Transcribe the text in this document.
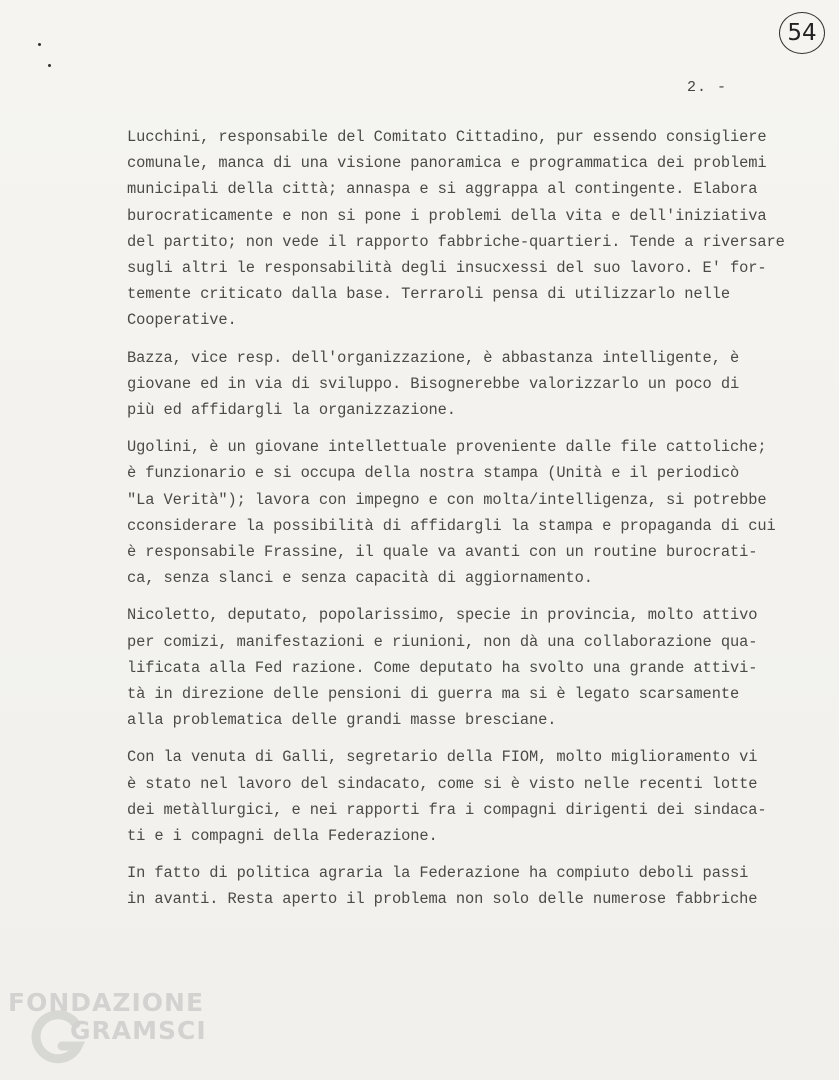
54
2. -
Lucchini, responsabile del Comitato Cittadino, pur essendo consigliere
comunale, manca di una visione panoramica e programmatica dei problemi
municipali della città; annaspa e si aggrappa al contingente. Elabora
burocraticamente e non si pone i problemi della vita e dell'iniziativa
del partito; non vede il rapporto fabbriche-quartieri. Tende a riversare
sugli altri le responsabilità degli insucxessi del suo lavoro. E' for-
temente criticato dalla base. Terraroli pensa di utilizzarlo nelle
Cooperative.
Bazza, vice resp. dell'organizzazione, è abbastanza intelligente, è
giovane ed in via di sviluppo. Bisognerebbe valorizzarlo un poco di
più ed affidargli la organizzazione.
Ugolini, è un giovane intellettuale proveniente dalle file cattoliche;
è funzionario e si occupa della nostra stampa (Unità e il periodicò
"La Verità"); lavora con impegno e con molta/intelligenza, si potrebbe
cconsiderare la possibilità di affidargli la stampa e propaganda di cui
è responsabile Frassine, il quale va avanti con un routine burocrati-
ca, senza slanci e senza capacità di aggiornamento.
Nicoletto, deputato, popolarissimo, specie in provincia, molto attivo
per comizi, manifestazioni e riunioni, non dà una collaborazione qua-
lificata alla Fed razione. Come deputato ha svolto una grande attivi-
tà in direzione delle pensioni di guerra ma si è legato scarsamente
alla problematica delle grandi masse bresciane.
Con la venuta di Galli, segretario della FIOM, molto miglioramento vi
è stato nel lavoro del sindacato, come si è visto nelle recenti lotte
dei metàllurgici, e nei rapporti fra i compagni dirigenti dei sindaca-
ti e i compagni della Federazione.
In fatto di politica agraria la Federazione ha compiuto deboli passi
in avanti. Resta aperto il problema non solo delle numerose fabbriche
FONDAZIONE
GRAMSCI
